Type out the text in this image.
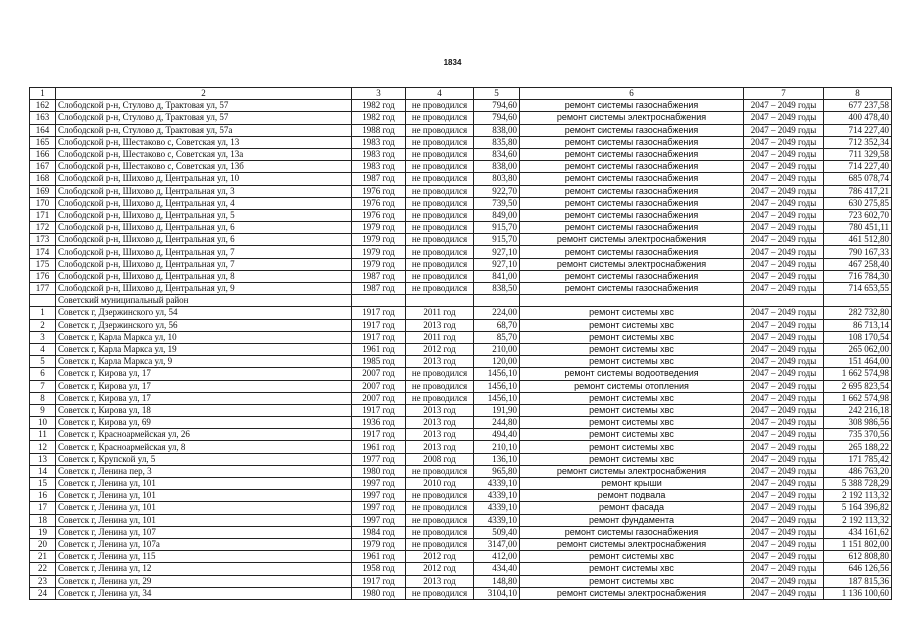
1834
1	2	3	4	5	6	7	8
162	Слободской р-н, Стулово д, Трактовая ул, 57	1982 год	не проводился	794,60	ремонт системы газоснабжения	2047 – 2049 годы	677 237,58
163	Слободской р-н, Стулово д, Трактовая ул, 57	1982 год	не проводился	794,60	ремонт системы электроснабжения	2047 – 2049 годы	400 478,40
164	Слободской р-н, Стулово д, Трактовая ул, 57а	1988 год	не проводился	838,00	ремонт системы газоснабжения	2047 – 2049 годы	714 227,40
165	Слободской р-н, Шестаково с, Советская ул, 13	1983 год	не проводился	835,80	ремонт системы газоснабжения	2047 – 2049 годы	712 352,34
166	Слободской р-н, Шестаково с, Советская ул, 13а	1983 год	не проводился	834,60	ремонт системы газоснабжения	2047 – 2049 годы	711 329,58
167	Слободской р-н, Шестаково с, Советская ул, 13б	1983 год	не проводился	838,00	ремонт системы газоснабжения	2047 – 2049 годы	714 227,40
168	Слободской р-н, Шихово д, Центральная ул, 10	1987 год	не проводился	803,80	ремонт системы газоснабжения	2047 – 2049 годы	685 078,74
169	Слободской р-н, Шихово д, Центральная ул, 3	1976 год	не проводился	922,70	ремонт системы газоснабжения	2047 – 2049 годы	786 417,21
170	Слободской р-н, Шихово д, Центральная ул, 4	1976 год	не проводился	739,50	ремонт системы газоснабжения	2047 – 2049 годы	630 275,85
171	Слободской р-н, Шихово д, Центральная ул, 5	1976 год	не проводился	849,00	ремонт системы газоснабжения	2047 – 2049 годы	723 602,70
172	Слободской р-н, Шихово д, Центральная ул, 6	1979 год	не проводился	915,70	ремонт системы газоснабжения	2047 – 2049 годы	780 451,11
173	Слободской р-н, Шихово д, Центральная ул, 6	1979 год	не проводился	915,70	ремонт системы электроснабжения	2047 – 2049 годы	461 512,80
174	Слободской р-н, Шихово д, Центральная ул, 7	1979 год	не проводился	927,10	ремонт системы газоснабжения	2047 – 2049 годы	790 167,33
175	Слободской р-н, Шихово д, Центральная ул, 7	1979 год	не проводился	927,10	ремонт системы электроснабжения	2047 – 2049 годы	467 258,40
176	Слободской р-н, Шихово д, Центральная ул, 8	1987 год	не проводился	841,00	ремонт системы газоснабжения	2047 – 2049 годы	716 784,30
177	Слободской р-н, Шихово д, Центральная ул, 9	1987 год	не проводился	838,50	ремонт системы газоснабжения	2047 – 2049 годы	714 653,55
	Советский муниципальный район						
1	Советск г, Дзержинского ул, 54	1917 год	2011 год	224,00	ремонт системы хвс	2047 – 2049 годы	282 732,80
2	Советск г, Дзержинского ул, 56	1917 год	2013 год	68,70	ремонт системы хвс	2047 – 2049 годы	86 713,14
3	Советск г, Карла Маркса ул, 10	1917 год	2011 год	85,70	ремонт системы хвс	2047 – 2049 годы	108 170,54
4	Советск г, Карла Маркса ул, 19	1961 год	2012 год	210,00	ремонт системы хвс	2047 – 2049 годы	265 062,00
5	Советск г, Карла Маркса ул, 9	1985 год	2013 год	120,00	ремонт системы хвс	2047 – 2049 годы	151 464,00
6	Советск г, Кирова ул, 17	2007 год	не проводился	1456,10	ремонт системы водоотведения	2047 – 2049 годы	1 662 574,98
7	Советск г, Кирова ул, 17	2007 год	не проводился	1456,10	ремонт системы отопления	2047 – 2049 годы	2 695 823,54
8	Советск г, Кирова ул, 17	2007 год	не проводился	1456,10	ремонт системы хвс	2047 – 2049 годы	1 662 574,98
9	Советск г, Кирова ул, 18	1917 год	2013 год	191,90	ремонт системы хвс	2047 – 2049 годы	242 216,18
10	Советск г, Кирова ул, 69	1936 год	2013 год	244,80	ремонт системы хвс	2047 – 2049 годы	308 986,56
11	Советск г, Красноармейская ул, 26	1917 год	2013 год	494,40	ремонт системы хвс	2047 – 2049 годы	735 370,56
12	Советск г, Красноармейская ул, 8	1961 год	2013 год	210,10	ремонт системы хвс	2047 – 2049 годы	265 188,22
13	Советск г, Крупской ул, 5	1977 год	2008 год	136,10	ремонт системы хвс	2047 – 2049 годы	171 785,42
14	Советск г, Ленина пер, 3	1980 год	не проводился	965,80	ремонт системы электроснабжения	2047 – 2049 годы	486 763,20
15	Советск г, Ленина ул, 101	1997 год	2010 год	4339,10	ремонт крыши	2047 – 2049 годы	5 388 728,29
16	Советск г, Ленина ул, 101	1997 год	не проводился	4339,10	ремонт подвала	2047 – 2049 годы	2 192 113,32
17	Советск г, Ленина ул, 101	1997 год	не проводился	4339,10	ремонт фасада	2047 – 2049 годы	5 164 396,82
18	Советск г, Ленина ул, 101	1997 год	не проводился	4339,10	ремонт фундамента	2047 – 2049 годы	2 192 113,32
19	Советск г, Ленина ул, 107	1984 год	не проводился	509,40	ремонт системы газоснабжения	2047 – 2049 годы	434 161,62
20	Советск г, Ленина ул, 107а	1979 год	не проводился	3147,00	ремонт системы электроснабжения	2047 – 2049 годы	1 151 802,00
21	Советск г, Ленина ул, 115	1961 год	2012 год	412,00	ремонт системы хвс	2047 – 2049 годы	612 808,80
22	Советск г, Ленина ул, 12	1958 год	2012 год	434,40	ремонт системы хвс	2047 – 2049 годы	646 126,56
23	Советск г, Ленина ул, 29	1917 год	2013 год	148,80	ремонт системы хвс	2047 – 2049 годы	187 815,36
24	Советск г, Ленина ул, 34	1980 год	не проводился	3104,10	ремонт системы электроснабжения	2047 – 2049 годы	1 136 100,60
